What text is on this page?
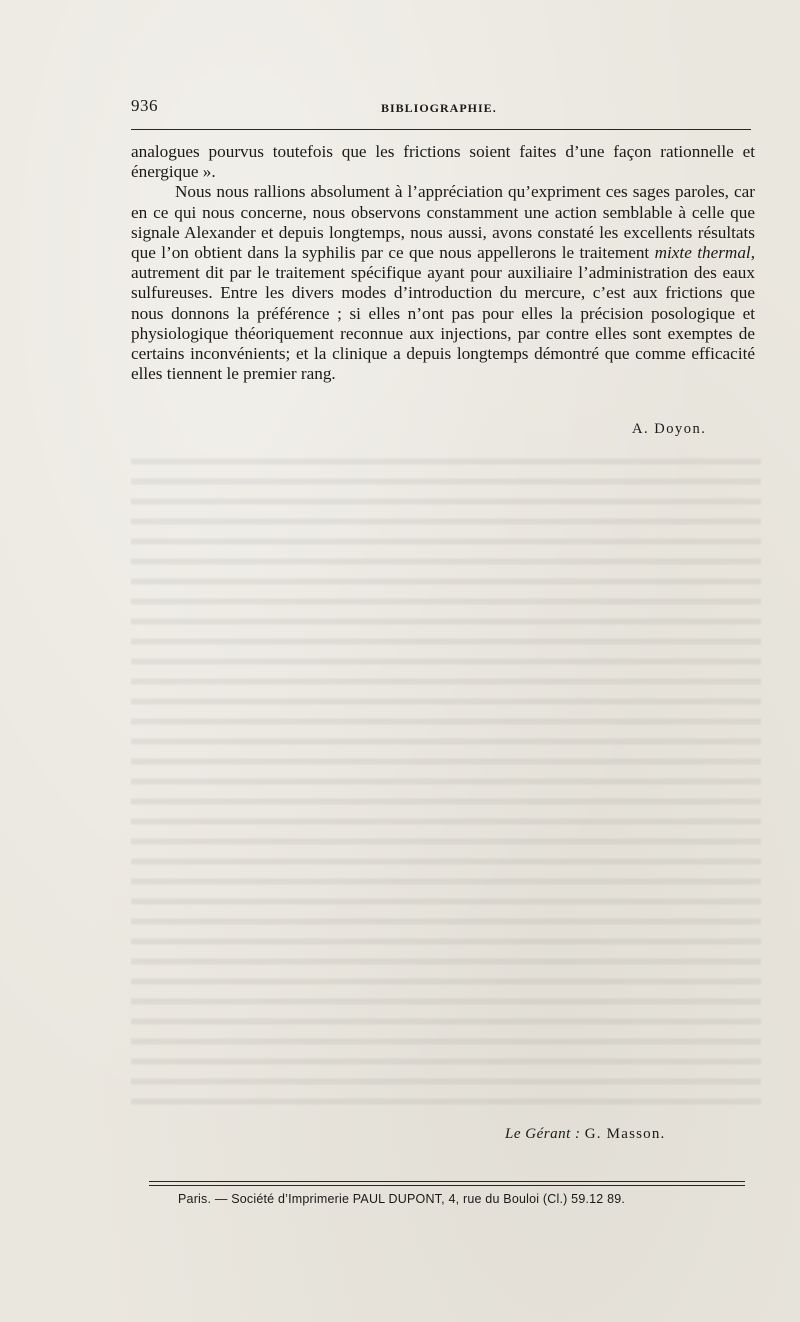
936	BIBLIOGRAPHIE.

analogues pourvus toutefois que les frictions soient faites d’une façon rationnelle et énergique ».

Nous nous rallions absolument à l’appréciation qu’expriment ces sages paroles, car en ce qui nous concerne, nous observons constamment une action semblable à celle que signale Alexander et depuis longtemps, nous aussi, avons constaté les excellents résultats que l’on obtient dans la syphilis par ce que nous appellerons le traitement mixte thermal, autrement dit par le traitement spécifique ayant pour auxiliaire l’administration des eaux sulfureuses. Entre les divers modes d’introduction du mercure, c’est aux frictions que nous donnons la préférence ; si elles n’ont pas pour elles la précision posologique et physiologique théoriquement reconnue aux injections, par contre elles sont exemptes de certains inconvénients; et la clinique a depuis longtemps démontré que comme efficacité elles tiennent le premier rang.

A. Doyon.
Le Gérant : G. Masson.
Paris. — Société d’Imprimerie PAUL DUPONT, 4, rue du Bouloi (Cl.) 59.12 89.
